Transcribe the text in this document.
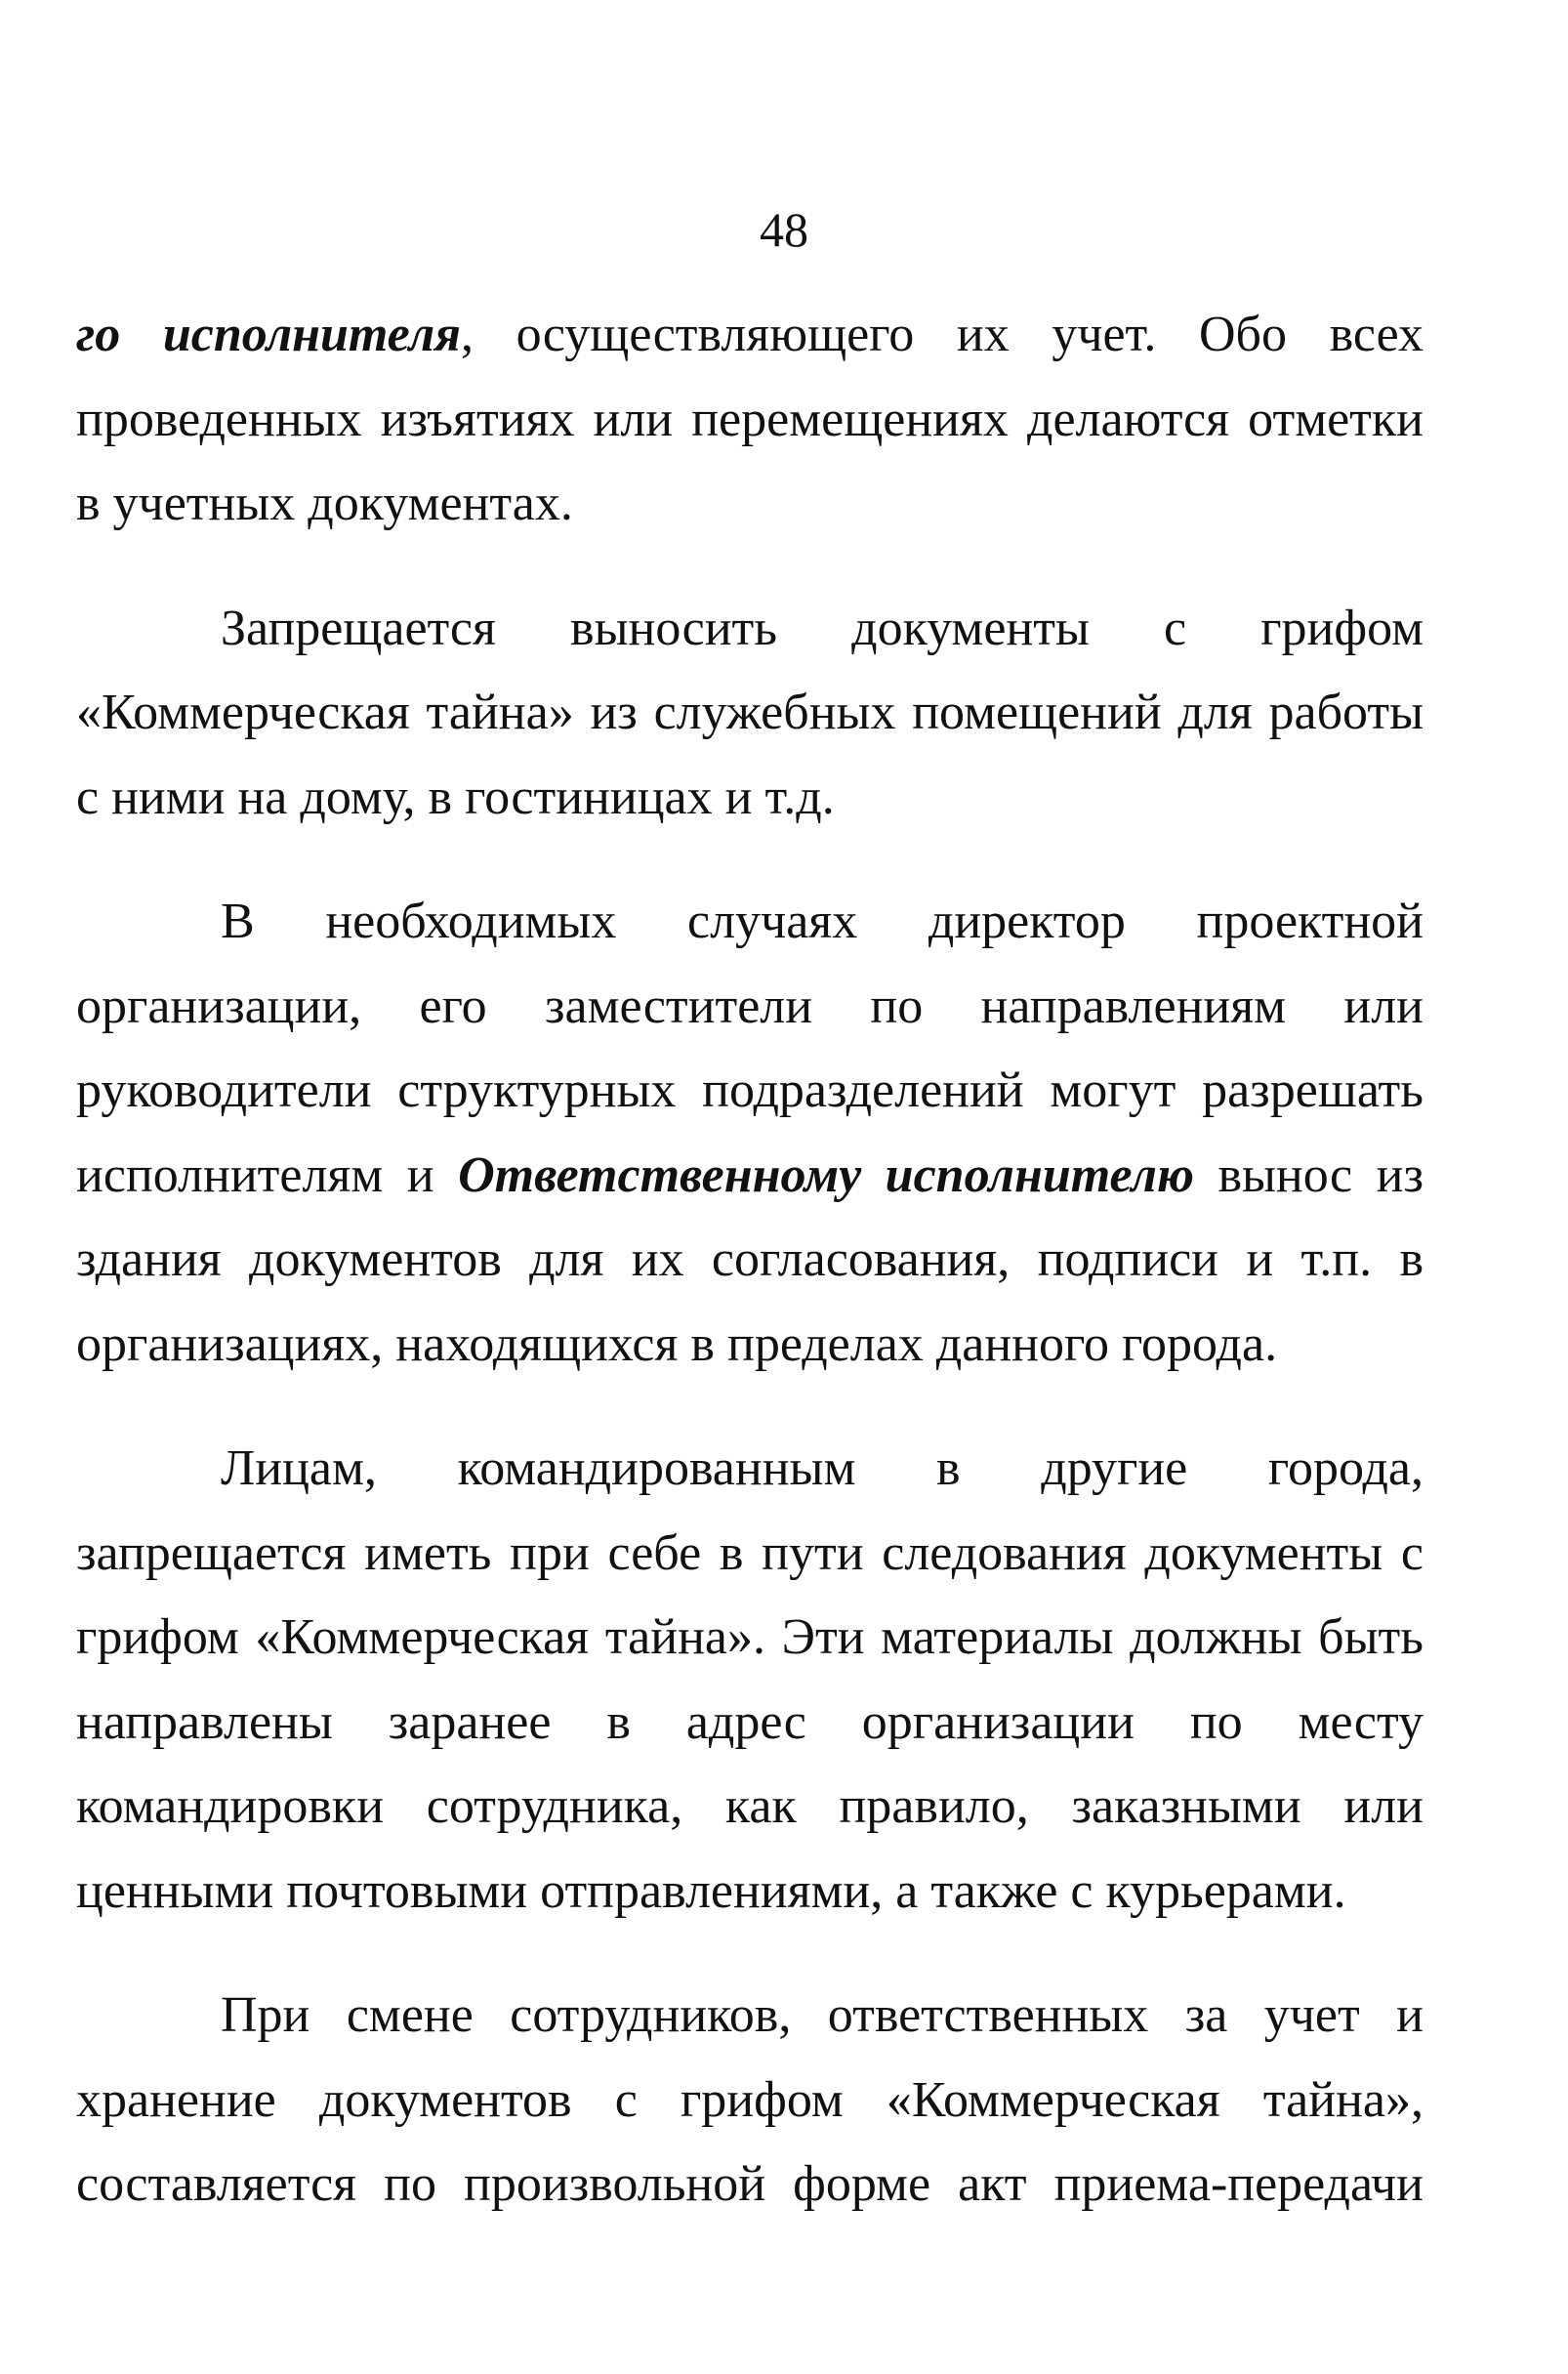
48

го исполнителя, осуществляющего их учет. Обо всех проведенных изъятиях или перемещениях делаются отметки в учетных документах.

Запрещается выносить документы с грифом «Коммерческая тайна» из служебных помещений для работы с ними на дому, в гостиницах и т.д.

В необходимых случаях директор проектной организации, его заместители по направлениям или руководители структурных подразделений могут разрешать исполнителям и Ответственному исполнителю вынос из здания документов для их согласования, подписи и т.п. в организациях, находящихся в пределах данного города.

Лицам, командированным в другие города, запрещается иметь при себе в пути следования документы с грифом «Коммерческая тайна». Эти материалы должны быть направлены заранее в адрес организации по месту командировки сотрудника, как правило, заказными или ценными почтовыми отправлениями, а также с курьерами.

При смене сотрудников, ответственных за учет и хранение документов с грифом «Коммерческая тайна», составляется по произвольной форме акт приема-передачи
